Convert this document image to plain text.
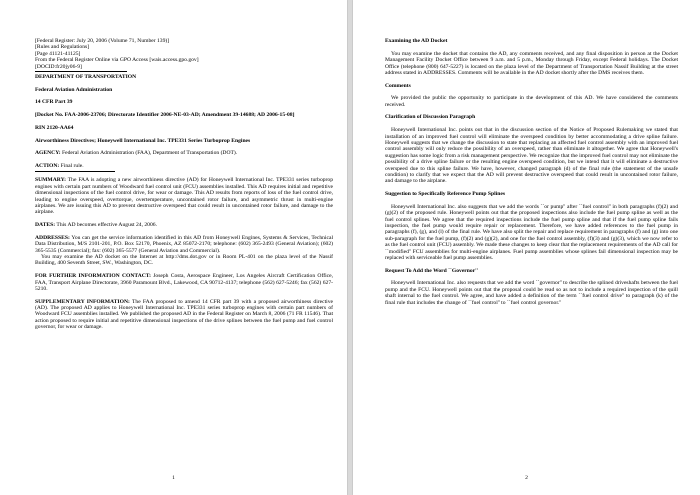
[Federal Register: July 20, 2006 (Volume 71, Number 139)]
[Rules and Regulations]
[Page 41121-41125]
From the Federal Register Online via GPO Access [wais.access.gpo.gov]
[DOCID:fr20jy06-9]
DEPARTMENT OF TRANSPORTATION
Federal Aviation Administration
14 CFR Part 39
[Docket No. FAA-2006-23706; Directorate Identifier 2006-NE-03-AD; Amendment 39-14688; AD 2006-15-08]
RIN 2120-AA64
Airworthiness Directives; Honeywell International Inc. TPE331 Series Turboprop Engines
AGENCY: Federal Aviation Administration (FAA), Department of Transportation (DOT).
ACTION: Final rule.
SUMMARY: The FAA is adopting a new airworthiness directive (AD) for Honeywell International Inc. TPE331 series turboprop engines with certain part numbers of Woodward fuel control unit (FCU) assemblies installed. This AD requires initial and repetitive dimensional inspections of the fuel control drive, for wear or damage. This AD results from reports of loss of the fuel control drive, leading to engine overspeed, overtorque, overtemperature, uncontained rotor failure, and asymmetric thrust in multi-engine airplanes. We are issuing this AD to prevent destructive overspeed that could result in uncontained rotor failure, and damage to the airplane.
DATES: This AD becomes effective August 24, 2006.
ADDRESSES: You can get the service information identified in this AD from Honeywell Engines, Systems & Services, Technical Data Distribution, M/S 2101-201, P.O. Box 52170, Phoenix, AZ 85072-2170; telephone: (602) 365-2493 (General Aviation); (602) 365-5535 (Commercial); fax: (602) 365-5577 (General Aviation and Commercial).
You may examine the AD docket on the Internet at http://dms.dot.gov or in Room PL-401 on the plaza level of the Nassif Building, 400 Seventh Street, SW., Washington, DC.
FOR FURTHER INFORMATION CONTACT: Joseph Costa, Aerospace Engineer, Los Angeles Aircraft Certification Office, FAA, Transport Airplane Directorate, 3960 Paramount Blvd., Lakewood, CA 90712-4137; telephone (562) 627-5246; fax (562) 627-5210.
SUPPLEMENTARY INFORMATION: The FAA proposed to amend 14 CFR part 39 with a proposed airworthiness directive (AD). The proposed AD applies to Honeywell International Inc. TPE331 series turboprop engines with certain part numbers of Woodward FCU assemblies installed. We published the proposed AD in the Federal Register on March 8, 2006 (71 FR 11546). That action proposed to require initial and repetitive dimensional inspections of the drive splines between the fuel pump and fuel control governor, for wear or damage.
1
Examining the AD Docket
You may examine the docket that contains the AD, any comments received, and any final disposition in person at the Docket Management Facility Docket Office between 9 a.m. and 5 p.m., Monday through Friday, except Federal holidays. The Docket Office (telephone (800) 647-5227) is located on the plaza level of the Department of Transportation Nassif Building at the street address stated in ADDRESSES. Comments will be available in the AD docket shortly after the DMS receives them.
Comments
We provided the public the opportunity to participate in the development of this AD. We have considered the comments received.
Clarification of Discussion Paragraph
Honeywell International Inc. points out that in the discussion section of the Notice of Proposed Rulemaking we stated that installation of an improved fuel control will eliminate the overspeed condition by better accommodating a drive spline failure. Honeywell suggests that we change the discussion to state that replacing an affected fuel control assembly with an improved fuel control assembly will only reduce the possibility of an overspeed, rather than eliminate it altogether. We agree that Honeywell's suggestion has some logic from a risk management perspective. We recognize that the improved fuel control may not eliminate the possibility of a drive spline failure or the resulting engine overspeed condition, but we intend that it will eliminate a destructive overspeed due to this spline failure. We have, however, changed paragraph (d) of the final rule (the statement of the unsafe condition) to clarify that we expect that the AD will prevent destructive overspeed that could result in uncontained rotor failure, and damage to the airplane.
Suggestion to Specifically Reference Pump Splines
Honeywell International Inc. also suggests that we add the words ``or pump'' after ``fuel control'' in both paragraphs (f)(2) and (g)(2) of the proposed rule. Honeywell points out that the proposed inspections also include the fuel pump spline as well as the fuel control splines. We agree that the required inspections include the fuel pump spline and that if the fuel pump spline fails inspection, the fuel pump would require repair or replacement. Therefore, we have added references to the fuel pump in paragraphs (f), (g), and (l) of the final rule. We have also split the repair and replace requirement in paragraphs (f) and (g) into one sub-paragraph for the fuel pump, (f)(2) and (g)(2), and one for the fuel control assembly, (f)(3) and (g)(3), which we now refer to as the fuel control unit (FCU) assembly. We made these changes to keep clear that the replacement requirements of the AD call for ``modified'' FCU assemblies for multi-engine airplanes. Fuel pump assemblies whose splines fail dimensional inspection may be replaced with serviceable fuel pump assemblies.
Request To Add the Word ``Governor''
Honeywell International Inc. also requests that we add the word ``governor'' to describe the splined driveshafts between the fuel pump and the FCU. Honeywell points out that the proposal could be read so as not to include a required inspection of the quill shaft internal to the fuel control. We agree, and have added a definition of the term ``fuel control drive'' to paragraph (k) of the final rule that includes the change of ``fuel control'' to ``fuel control governor.''
2
